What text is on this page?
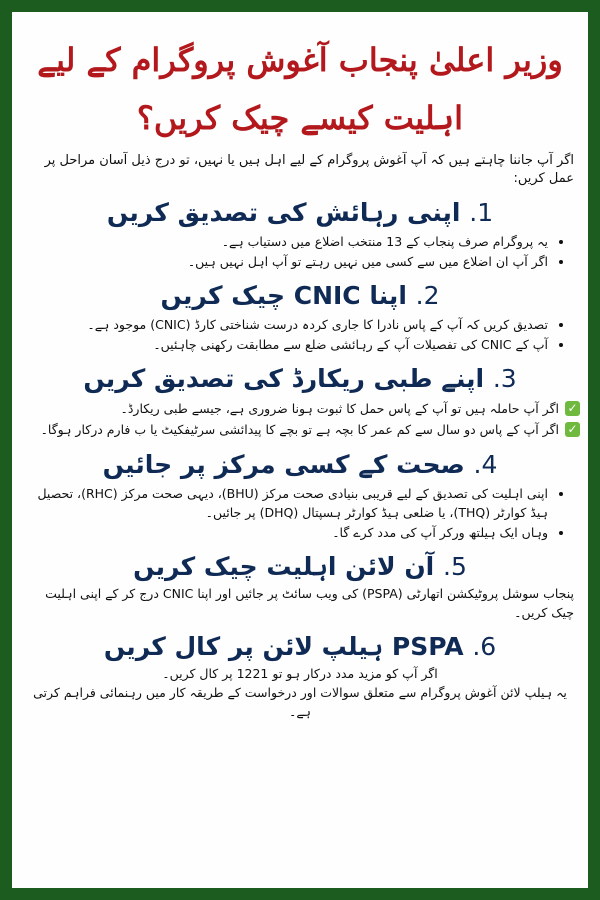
وزیر اعلیٰ پنجاب آغوش پروگرام کے لیے
اہلیت کیسے چیک کریں؟
اگر آپ جاننا چاہتے ہیں کہ آپ آغوش پروگرام کے لیے اہل ہیں یا نہیں، تو درج ذیل آسان مراحل پر عمل کریں:
1. اپنی رہائش کی تصدیق کریں
• یہ پروگرام صرف پنجاب کے 13 منتخب اضلاع میں دستیاب ہے۔
• اگر آپ ان اضلاع میں سے کسی میں نہیں رہتے تو آپ اہل نہیں ہیں۔
2. اپنا CNIC چیک کریں
• تصدیق کریں کہ آپ کے پاس نادرا کا جاری کردہ درست شناختی کارڈ (CNIC) موجود ہے۔
• آپ کے CNIC کی تفصیلات آپ کے رہائشی ضلع سے مطابقت رکھنی چاہئیں۔
3. اپنے طبی ریکارڈ کی تصدیق کریں
✓
اگر آپ حاملہ ہیں تو آپ کے پاس حمل کا ثبوت ہونا ضروری ہے، جیسے طبی ریکارڈ۔
✓
اگر آپ کے پاس دو سال سے کم عمر کا بچہ ہے تو بچے کا پیدائشی سرٹیفکیٹ یا ب فارم درکار ہوگا۔
4. صحت کے کسی مرکز پر جائیں
• اپنی اہلیت کی تصدیق کے لیے قریبی بنیادی صحت مرکز (BHU)، دیہی صحت مرکز (RHC)، تحصیل ہیڈ کوارٹر (THQ)، یا ضلعی ہیڈ کوارٹر ہسپتال (DHQ) پر جائیں۔
• وہاں ایک ہیلتھ ورکر آپ کی مدد کرے گا۔
5. آن لائن اہلیت چیک کریں
پنجاب سوشل پروٹیکشن اتھارٹی (PSPA) کی ویب سائٹ پر جائیں اور اپنا CNIC درج کر کے اپنی اہلیت چیک کریں۔
6. PSPA ہیلپ لائن پر کال کریں
اگر آپ کو مزید مدد درکار ہو تو 1221 پر کال کریں۔
یہ ہیلپ لائن آغوش پروگرام سے متعلق سوالات اور درخواست کے طریقہ کار میں رہنمائی فراہم کرتی ہے۔
